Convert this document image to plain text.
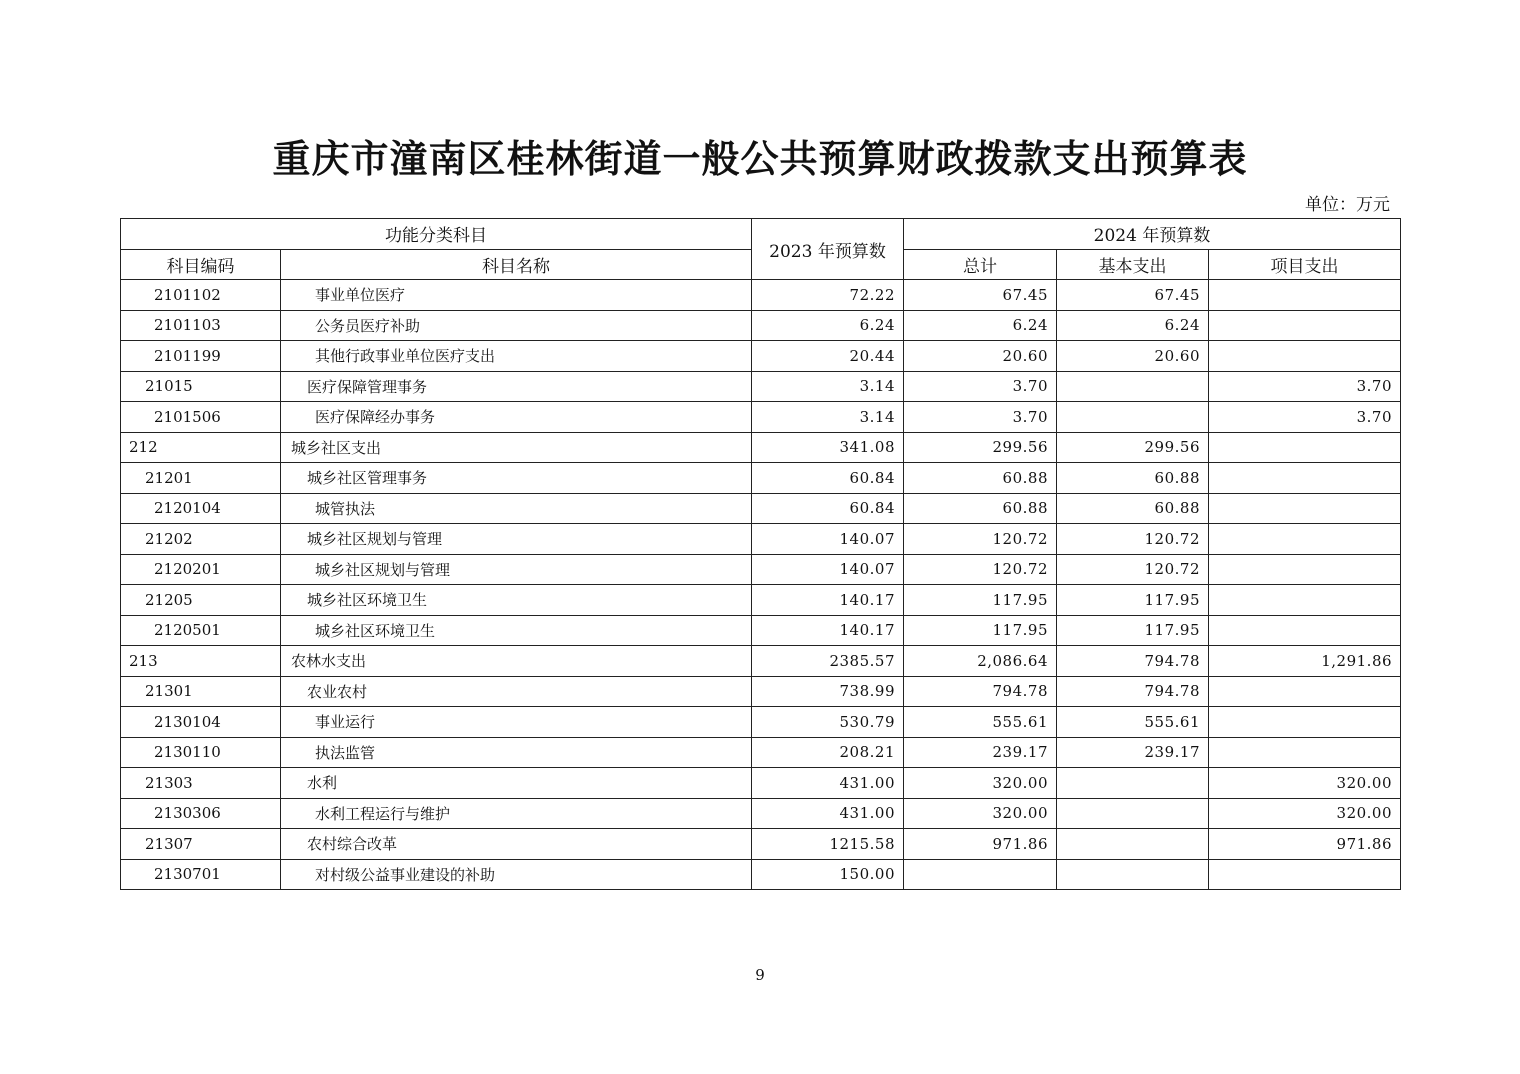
重庆市潼南区桂林街道一般公共预算财政拨款支出预算表
单位：万元
功能分类科目		2023 年预算数	2024 年预算数		
科目编码	科目名称		总计	基本支出	项目支出
2101102	事业单位医疗	72.22	67.45	67.45	
2101103	公务员医疗补助	6.24	6.24	6.24	
2101199	其他行政事业单位医疗支出	20.44	20.60	20.60	
21015	医疗保障管理事务	3.14	3.70		3.70
2101506	医疗保障经办事务	3.14	3.70		3.70
212	城乡社区支出	341.08	299.56	299.56	
21201	城乡社区管理事务	60.84	60.88	60.88	
2120104	城管执法	60.84	60.88	60.88	
21202	城乡社区规划与管理	140.07	120.72	120.72	
2120201	城乡社区规划与管理	140.07	120.72	120.72	
21205	城乡社区环境卫生	140.17	117.95	117.95	
2120501	城乡社区环境卫生	140.17	117.95	117.95	
213	农林水支出	2385.57	2,086.64	794.78	1,291.86
21301	农业农村	738.99	794.78	794.78	
2130104	事业运行	530.79	555.61	555.61	
2130110	执法监管	208.21	239.17	239.17	
21303	水利	431.00	320.00		320.00
2130306	水利工程运行与维护	431.00	320.00		320.00
21307	农村综合改革	1215.58	971.86		971.86
2130701	对村级公益事业建设的补助	150.00			
9
